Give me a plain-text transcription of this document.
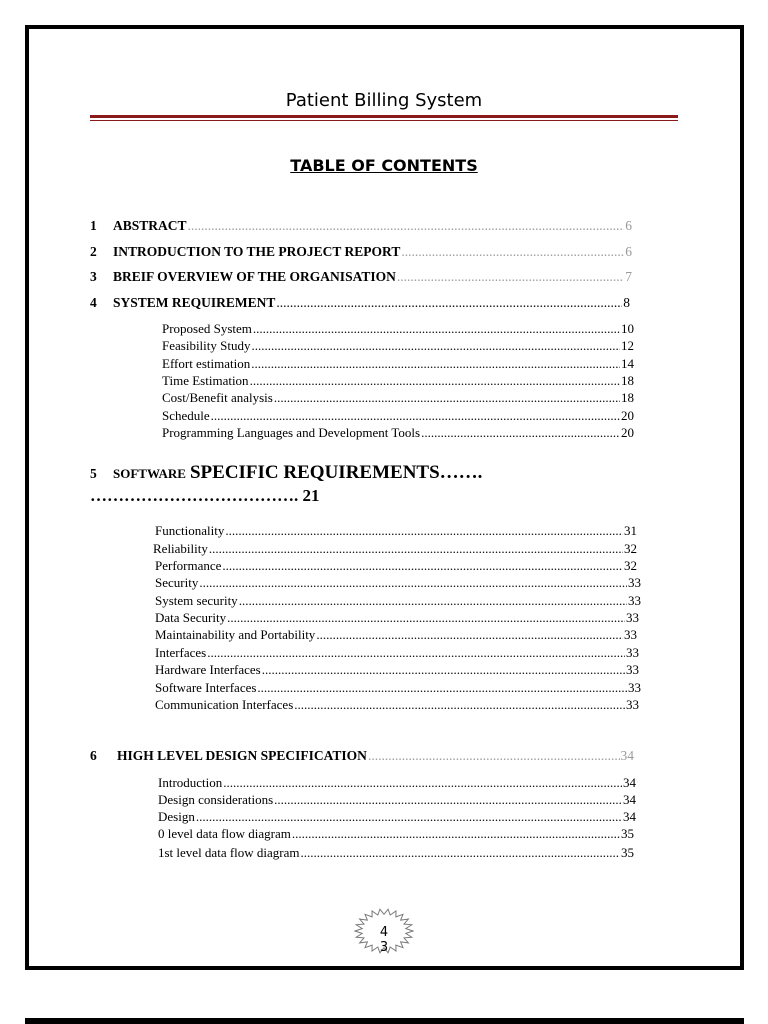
Patient Billing System
TABLE OF CONTENTS
1	ABSTRACT .....	6
2	INTRODUCTION TO THE PROJECT REPORT .....	6
3	BREIF OVERVIEW OF THE ORGANISATION .....	7
4	SYSTEM REQUIREMENT .....	8
Proposed System .....	10
Feasibility Study .....	12
Effort estimation .....	14
Time Estimation .....	18
Cost/Benefit analysis .....	18
Schedule .....	20
Programming Languages and Development Tools .....	20
5 SOFTWARE SPECIFIC REQUIREMENTS…….
………………………………. 21
Functionality .....	31
Reliability .....	32
Performance .....	32
Security .....	33
System security .....	33
Data Security .....	33
Maintainability and Portability .....	33
Interfaces .....	33
Hardware Interfaces .....	33
Software Interfaces .....	33
Communication Interfaces .....	33
6	HIGH LEVEL DESIGN SPECIFICATION .....	34
Introduction .....	34
Design considerations .....	34
Design .....	34
0 level data flow diagram .....	35
1st level data flow diagram .....	35
4
3
